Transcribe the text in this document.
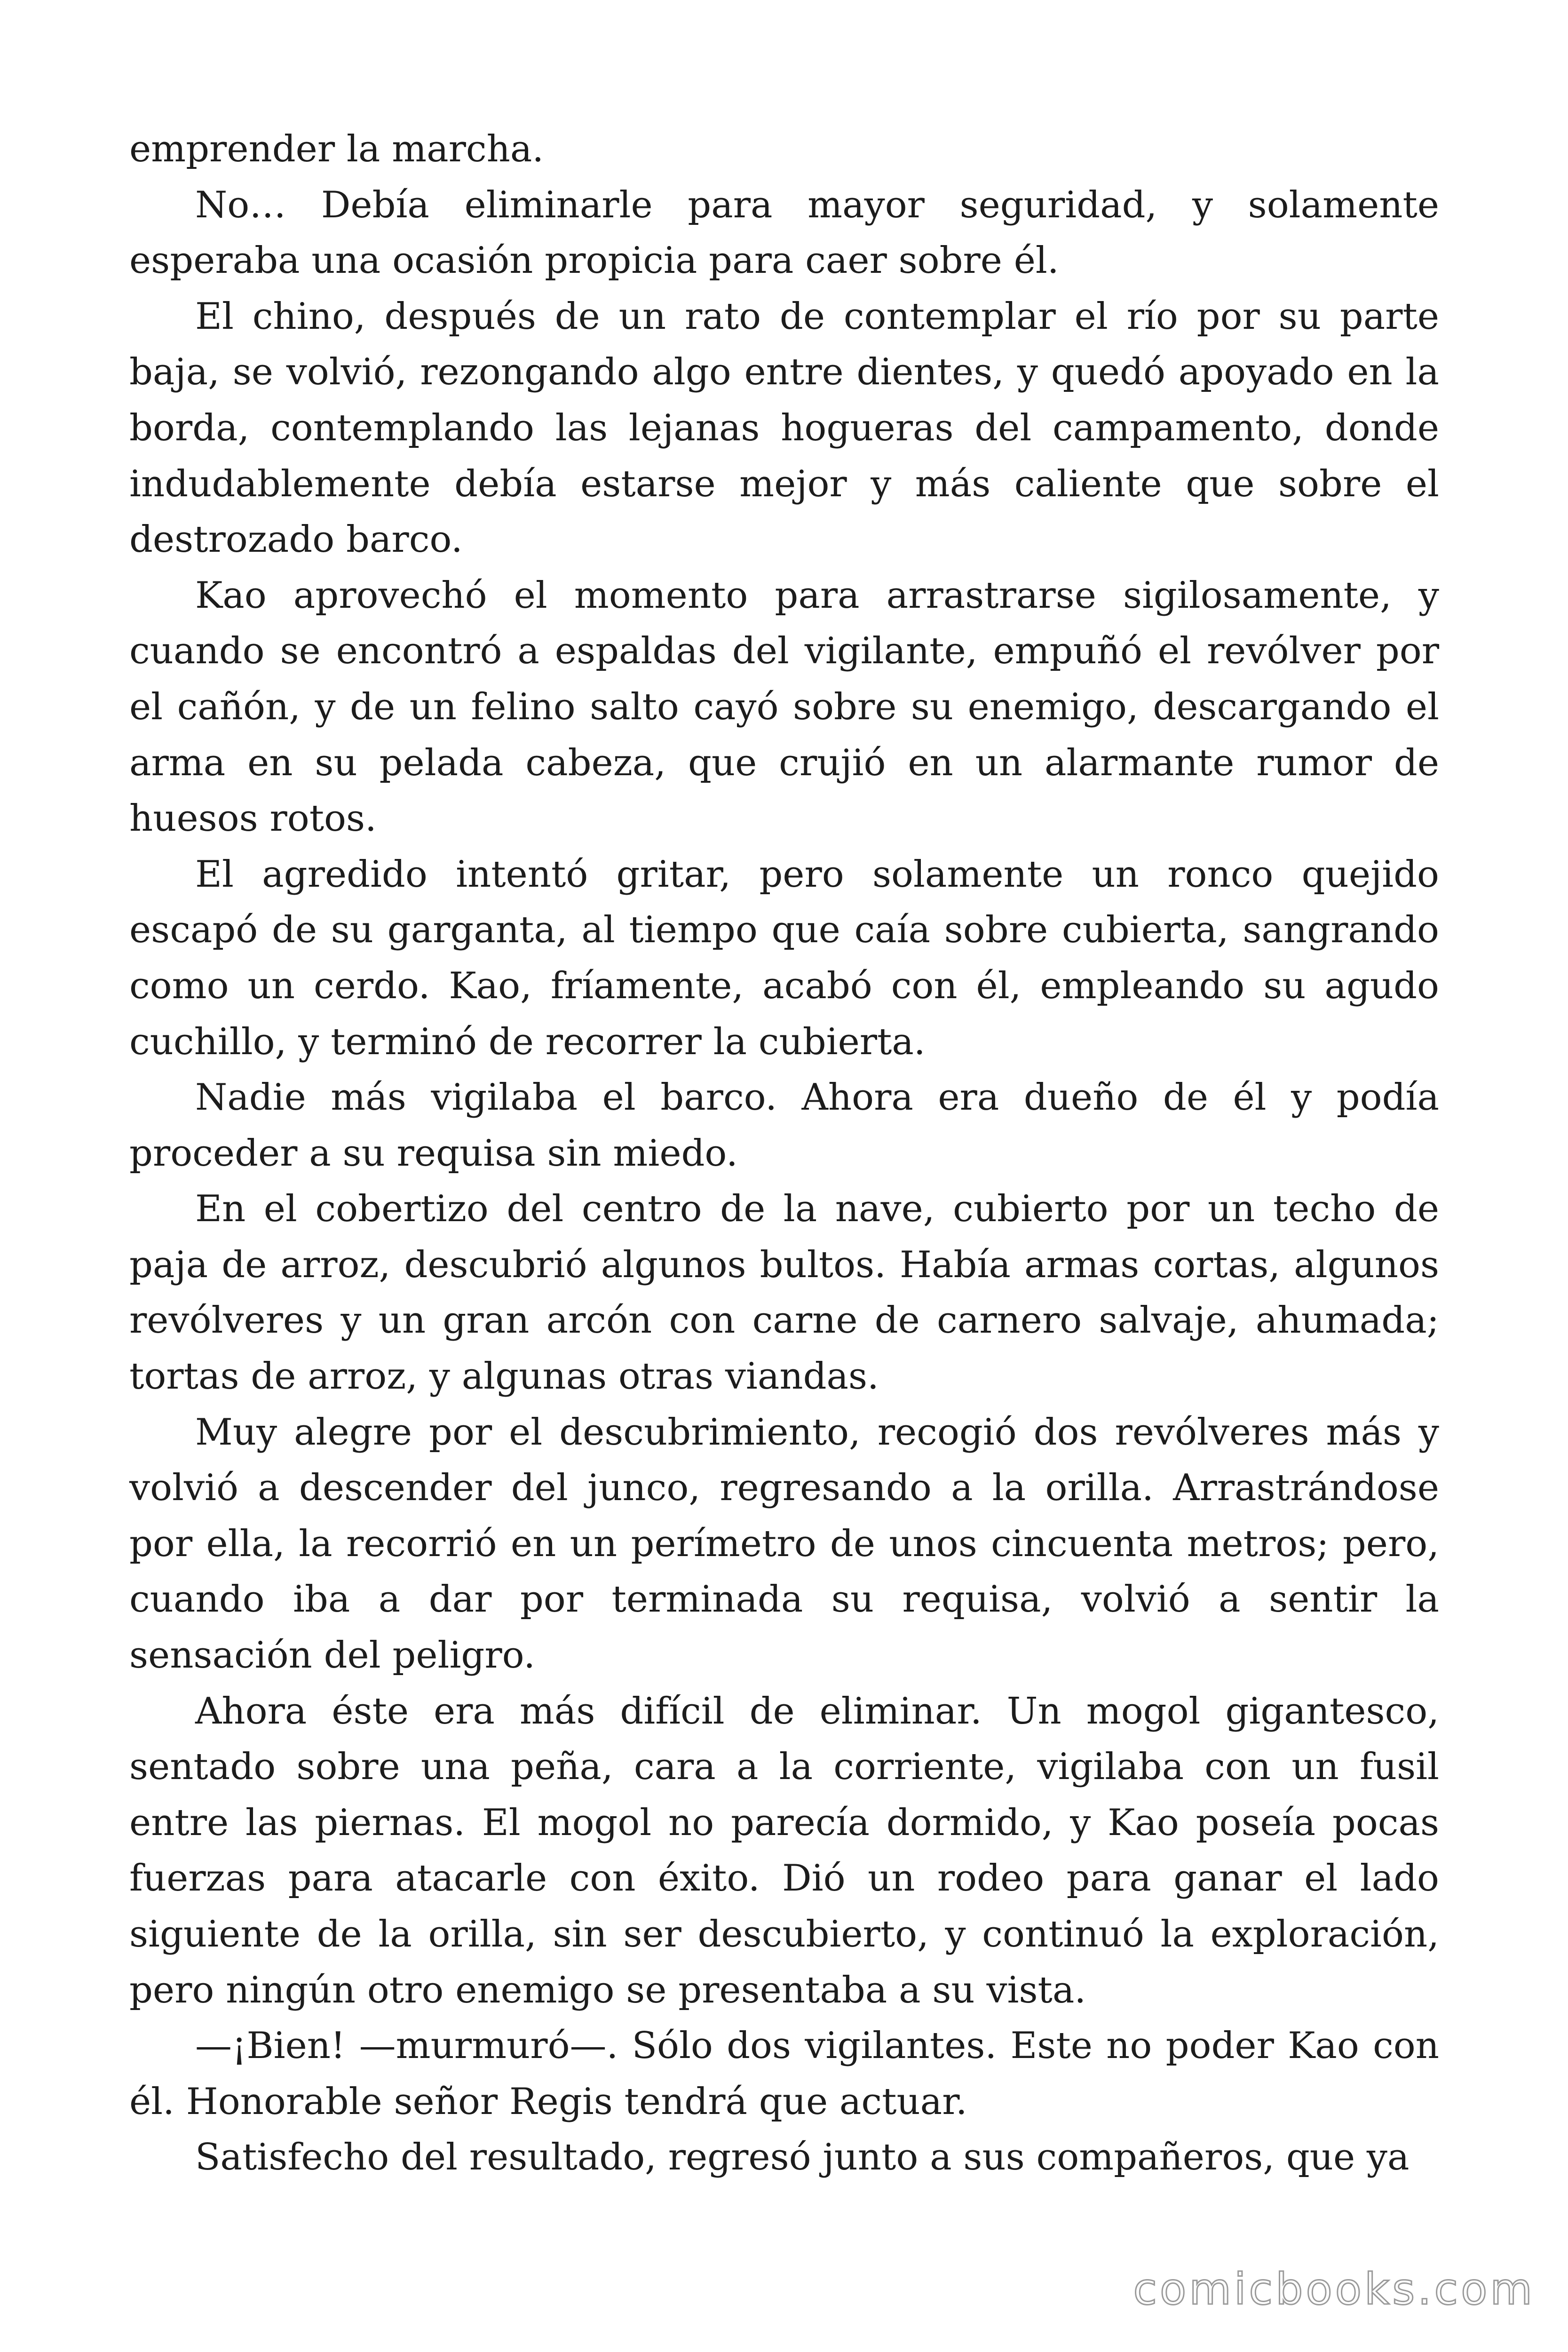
emprender la marcha.

No… Debía eliminarle para mayor seguridad, y solamente esperaba una ocasión propicia para caer sobre él.

El chino, después de un rato de contemplar el río por su parte baja, se volvió, rezongando algo entre dientes, y quedó apoyado en la borda, contemplando las lejanas hogueras del campamento, donde indudablemente debía estarse mejor y más caliente que sobre el destrozado barco.

Kao aprovechó el momento para arrastrarse sigilosamente, y cuando se encontró a espaldas del vigilante, empuñó el revólver por el cañón, y de un felino salto cayó sobre su enemigo, descargando el arma en su pelada cabeza, que crujió en un alarmante rumor de huesos rotos.

El agredido intentó gritar, pero solamente un ronco quejido escapó de su garganta, al tiempo que caía sobre cubierta, sangrando como un cerdo. Kao, fríamente, acabó con él, empleando su agudo cuchillo, y terminó de recorrer la cubierta.

Nadie más vigilaba el barco. Ahora era dueño de él y podía proceder a su requisa sin miedo.

En el cobertizo del centro de la nave, cubierto por un techo de paja de arroz, descubrió algunos bultos. Había armas cortas, algunos revólveres y un gran arcón con carne de carnero salvaje, ahumada; tortas de arroz, y algunas otras viandas.

Muy alegre por el descubrimiento, recogió dos revólveres más y volvió a descender del junco, regresando a la orilla. Arrastrándose por ella, la recorrió en un perímetro de unos cincuenta metros; pero, cuando iba a dar por terminada su requisa, volvió a sentir la sensación del peligro.

Ahora éste era más difícil de eliminar. Un mogol gigantesco, sentado sobre una peña, cara a la corriente, vigilaba con un fusil entre las piernas. El mogol no parecía dormido, y Kao poseía pocas fuerzas para atacarle con éxito. Dió un rodeo para ganar el lado siguiente de la orilla, sin ser descubierto, y continuó la exploración, pero ningún otro enemigo se presentaba a su vista.

—¡Bien! —murmuró—. Sólo dos vigilantes. Este no poder Kao con él. Honorable señor Regis tendrá que actuar.

Satisfecho del resultado, regresó junto a sus compañeros, que ya

comicbooks.com
